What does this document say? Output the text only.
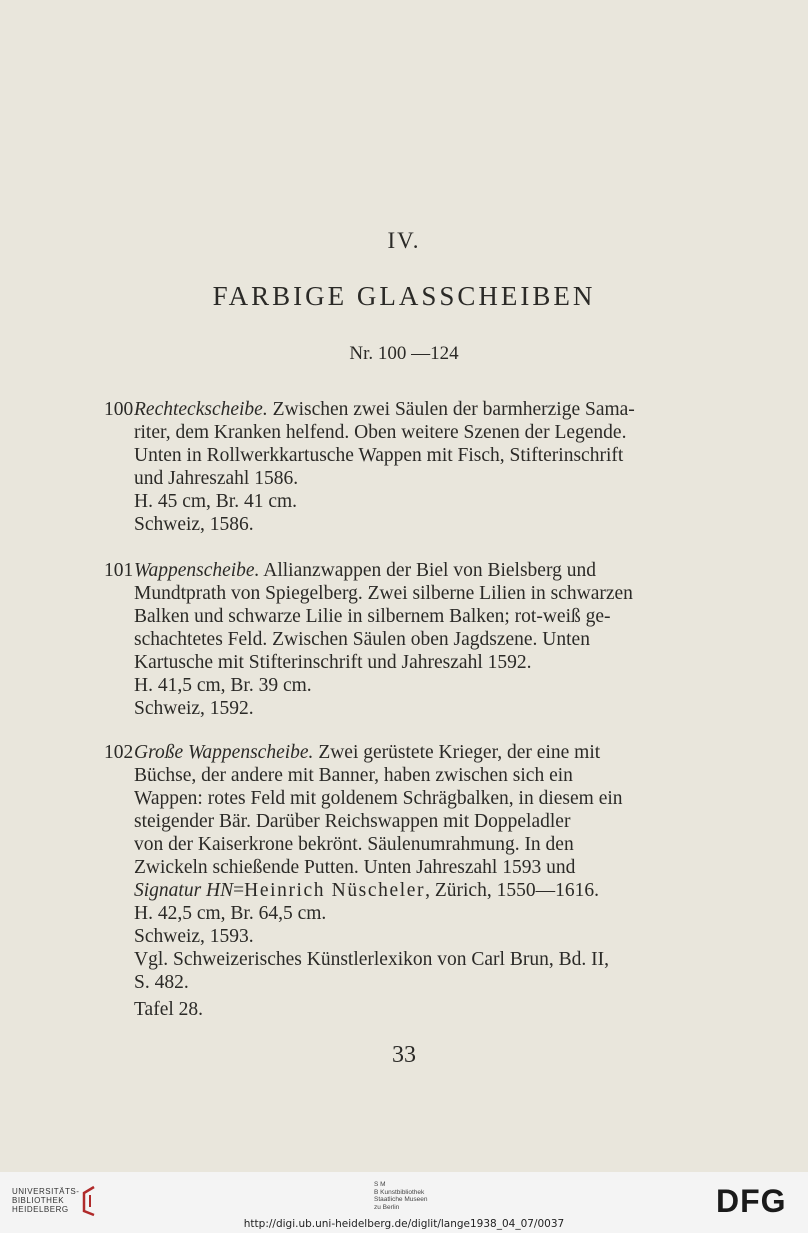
IV.
FARBIGE GLASSCHEIBEN
Nr. 100 —124
100 Rechteckscheibe. Zwischen zwei Säulen der barmherzige Sama-
riter, dem Kranken helfend. Oben weitere Szenen der Legende.
Unten in Rollwerkkartusche Wappen mit Fisch, Stifterinschrift
und Jahreszahl 1586.
H. 45 cm, Br. 41 cm.
Schweiz, 1586.
101 Wappenscheibe. Allianzwappen der Biel von Bielsberg und
Mundtprath von Spiegelberg. Zwei silberne Lilien in schwarzen
Balken und schwarze Lilie in silbernem Balken; rot-weiß ge-
schachtetes Feld. Zwischen Säulen oben Jagdszene. Unten
Kartusche mit Stifterinschrift und Jahreszahl 1592.
H. 41,5 cm, Br. 39 cm.
Schweiz, 1592.
102 Große Wappenscheibe. Zwei gerüstete Krieger, der eine mit
Büchse, der andere mit Banner, haben zwischen sich ein
Wappen: rotes Feld mit goldenem Schrägbalken, in diesem ein
steigender Bär. Darüber Reichswappen mit Doppeladler
von der Kaiserkrone bekrönt. Säulenumrahmung. In den
Zwickeln schießende Putten. Unten Jahreszahl 1593 und
Signatur HN=Heinrich Nüscheler, Zürich, 1550—1616.
H. 42,5 cm, Br. 64,5 cm.
Schweiz, 1593.
Vgl. Schweizerisches Künstlerlexikon von Carl Brun, Bd. II,
S. 482.
Tafel 28.
33
UNIVERSITÄTS-
BIBLIOTHEK
HEIDELBERG
S M
B Kunstbibliothek
Staatliche Museen
zu Berlin	DFG
http://digi.ub.uni-heidelberg.de/diglit/lange1938_04_07/0037
